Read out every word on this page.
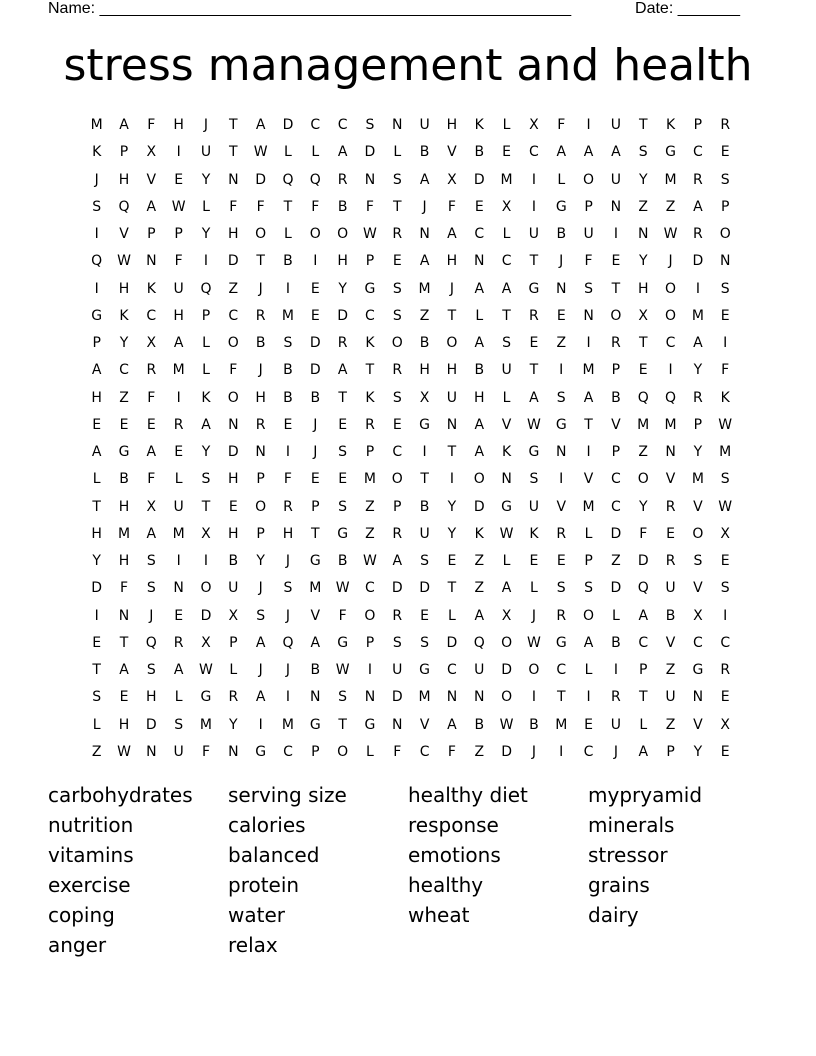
Name: _____________________________________________________	Date: _______
stress management and health
M	A	F	H	J	T	A	D	C	C	S	N	U	H	K	L	X	F	I	U	T	K	P	R
K	P	X	I	U	T	W	L	L	A	D	L	B	V	B	E	C	A	A	A	S	G	C	E
J	H	V	E	Y	N	D	Q	Q	R	N	S	A	X	D	M	I	L	O	U	Y	M	R	S
S	Q	A	W	L	F	F	T	F	B	F	T	J	F	E	X	I	G	P	N	Z	Z	A	P
I	V	P	P	Y	H	O	L	O	O	W	R	N	A	C	L	U	B	U	I	N	W	R	O
Q	W	N	F	I	D	T	B	I	H	P	E	A	H	N	C	T	J	F	E	Y	J	D	N
I	H	K	U	Q	Z	J	I	E	Y	G	S	M	J	A	A	G	N	S	T	H	O	I	S
G	K	C	H	P	C	R	M	E	D	C	S	Z	T	L	T	R	E	N	O	X	O	M	E
P	Y	X	A	L	O	B	S	D	R	K	O	B	O	A	S	E	Z	I	R	T	C	A	I
A	C	R	M	L	F	J	B	D	A	T	R	H	H	B	U	T	I	M	P	E	I	Y	F
H	Z	F	I	K	O	H	B	B	T	K	S	X	U	H	L	A	S	A	B	Q	Q	R	K
E	E	E	R	A	N	R	E	J	E	R	E	G	N	A	V	W	G	T	V	M	M	P	W
A	G	A	E	Y	D	N	I	J	S	P	C	I	T	A	K	G	N	I	P	Z	N	Y	M
L	B	F	L	S	H	P	F	E	E	M	O	T	I	O	N	S	I	V	C	O	V	M	S
T	H	X	U	T	E	O	R	P	S	Z	P	B	Y	D	G	U	V	M	C	Y	R	V	W
H	M	A	M	X	H	P	H	T	G	Z	R	U	Y	K	W	K	R	L	D	F	E	O	X
Y	H	S	I	I	B	Y	J	G	B	W	A	S	E	Z	L	E	E	P	Z	D	R	S	E
D	F	S	N	O	U	J	S	M	W	C	D	D	T	Z	A	L	S	S	D	Q	U	V	S
I	N	J	E	D	X	S	J	V	F	O	R	E	L	A	X	J	R	O	L	A	B	X	I
E	T	Q	R	X	P	A	Q	A	G	P	S	S	D	Q	O	W	G	A	B	C	V	C	C
T	A	S	A	W	L	J	J	B	W	I	U	G	C	U	D	O	C	L	I	P	Z	G	R
S	E	H	L	G	R	A	I	N	S	N	D	M	N	N	O	I	T	I	R	T	U	N	E
L	H	D	S	M	Y	I	M	G	T	G	N	V	A	B	W	B	M	E	U	L	Z	V	X
Z	W	N	U	F	N	G	C	P	O	L	F	C	F	Z	D	J	I	C	J	A	P	Y	E
carbohydrates
nutrition
vitamins
exercise
coping
anger
serving size
calories
balanced
protein
water
relax
healthy diet
response
emotions
healthy
wheat
mypryamid
minerals
stressor
grains
dairy
